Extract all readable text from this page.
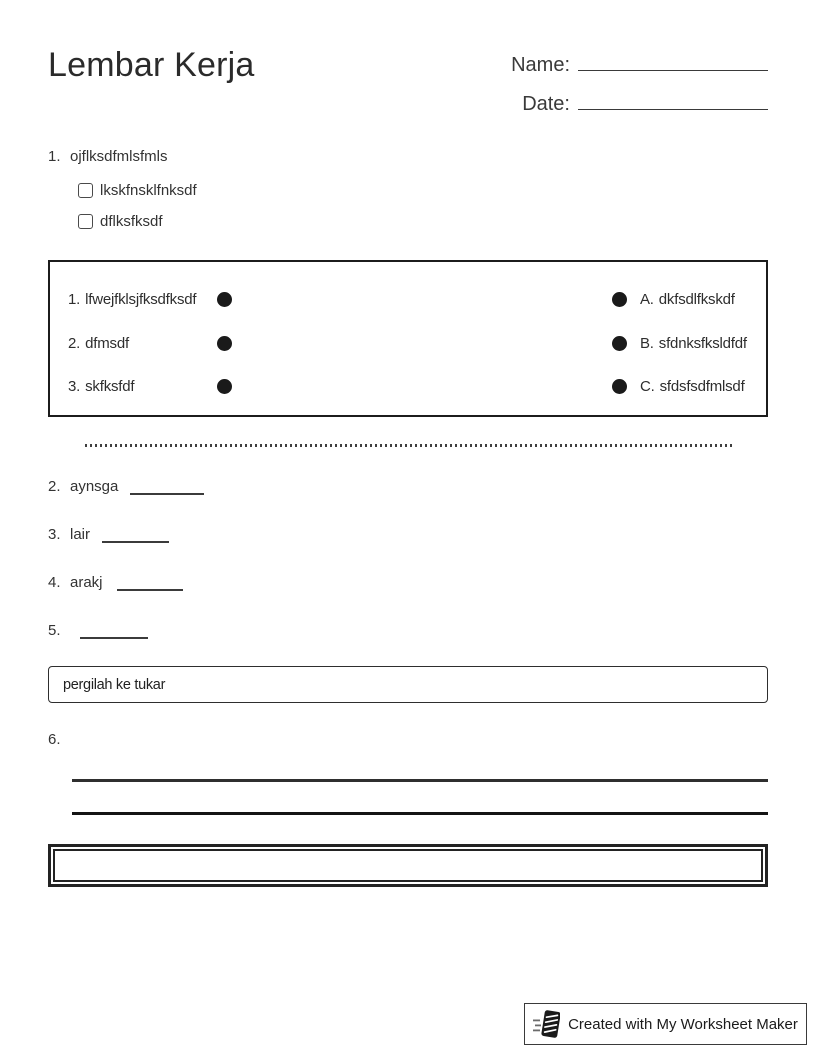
Lembar Kerja	Name:
Date:
1. ojflksdfmlsfmls
lkskfnsklfnksdf
dflksfksdf
1. lfwejfklsjfksdfksdf	A. dkfsdlfkskdf
2. dfmsdf	B. sfdnksfksldfdf
3. skfksfdf	C. sfdsfsdfmlsdf
2. aynsga
3. lair
4. arakj
5.
pergilah ke tukar
6.
Created with My Worksheet Maker
